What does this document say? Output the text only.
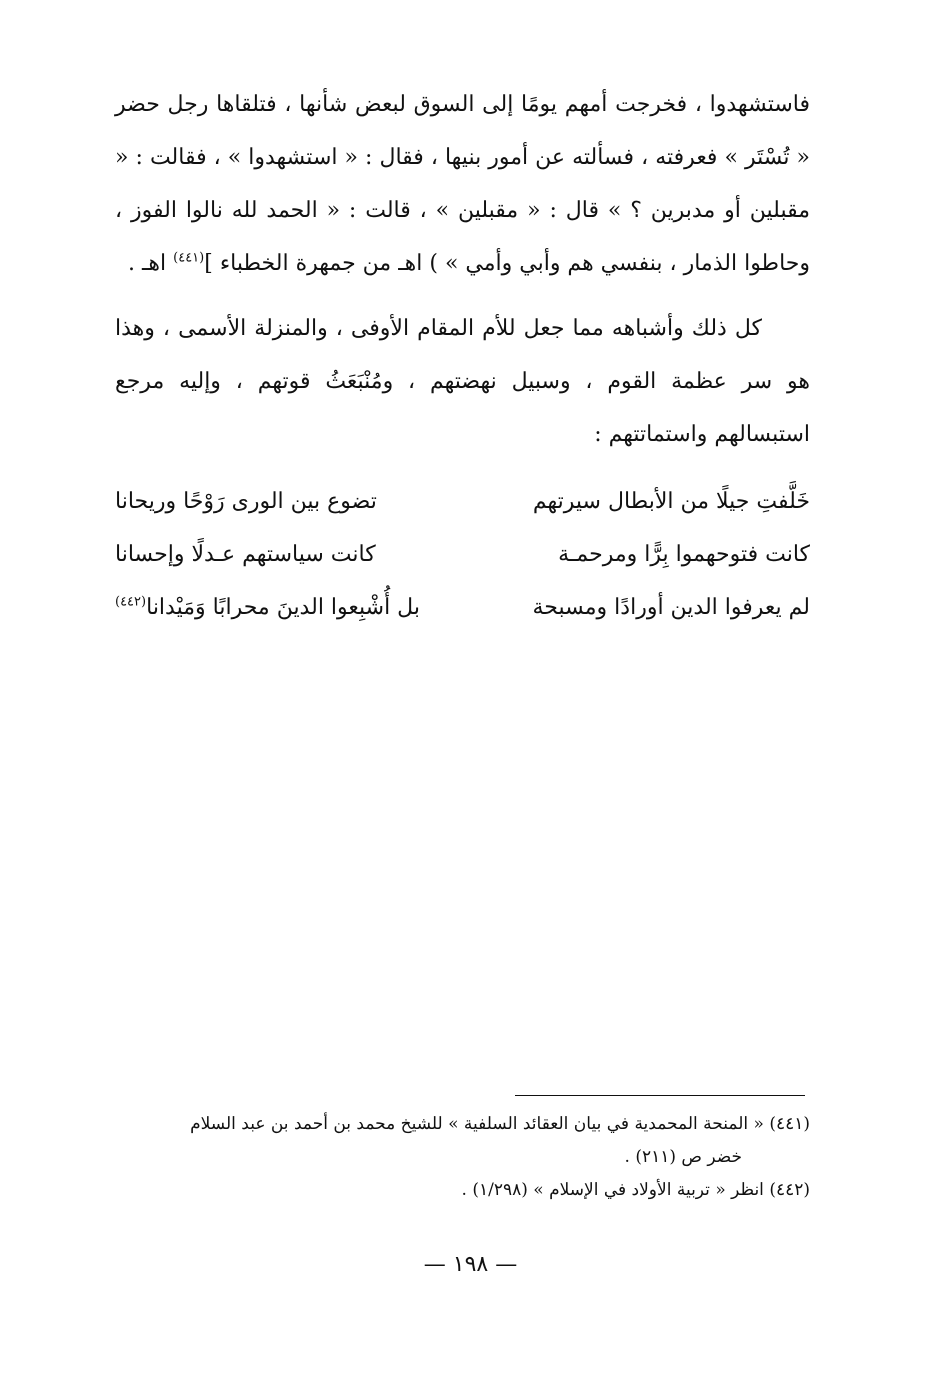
فاستشهدوا ، فخرجت أمهم يومًا إلى السوق لبعض شأنها ، فتلقاها رجل حضر « تُسْتَر » فعرفته ، فسألته عن أمور بنيها ، فقال : « استشهدوا » ، فقالت : « مقبلين أو مدبرين ؟ » قال : « مقبلين » ، قالت : « الحمد لله نالوا الفوز ، وحاطوا الذمار ، بنفسي هم وأبي وأمي » ) اهـ من جمهرة الخطباء ]$^{(٤٤١)}$ اهـ .

كل ذلك وأشباهه مما جعل للأم المقام الأوفى ، والمنزلة الأسمى ، وهذا هو سر عظمة القوم ، وسبيل نهضتهم ، ومُنْبَعَثُ قوتهم ، وإليه مرجع استبسالهم واستماتتهم :

خَلَّفتِ جيلًا من الأبطال سيرتهم
تضوع بين الورى رَوْحًا وريحانا
كانت فتوحهموا بِرًّا ومرحمـة
كانت سياستهم عـدلًا وإحسانا
لم يعرفوا الدين أورادًا ومسبحة
بل أُشْبِعوا الدينَ محرابًا وَمَيْدانا$^{(٤٤٢)}$

(٤٤١) « المنحة المحمدية في بيان العقائد السلفية » للشيخ محمد بن أحمد بن عبد السلام
خضر ص (٢١١) .

(٤٤٢) انظر « تربية الأولاد في الإسلام » (١/٢٩٨) .

— ١٩٨ —
